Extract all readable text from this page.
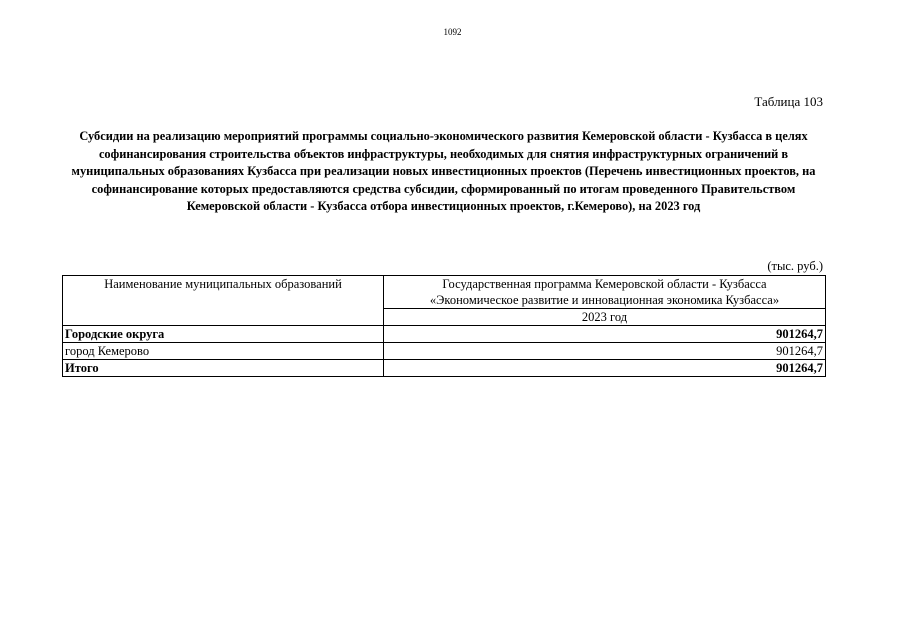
1092
Таблица 103
Субсидии на реализацию мероприятий программы социально-экономического развития Кемеровской области - Кузбасса в целях софинансирования строительства объектов инфраструктуры, необходимых для снятия инфраструктурных ограничений в муниципальных образованиях Кузбасса при реализации новых инвестиционных проектов (Перечень инвестиционных проектов, на софинансирование которых предоставляются средства субсидии, сформированный по итогам проведенного Правительством Кемеровской области - Кузбасса отбора инвестиционных проектов, г.Кемерово), на 2023 год
(тыс. руб.)
Наименование муниципальных образований	Государственная программа Кемеровской области - Кузбасса
«Экономическое развитие и инновационная экономика Кузбасса»

	2023 год
Городские округа	901264,7
город Кемерово	901264,7
Итого	901264,7
